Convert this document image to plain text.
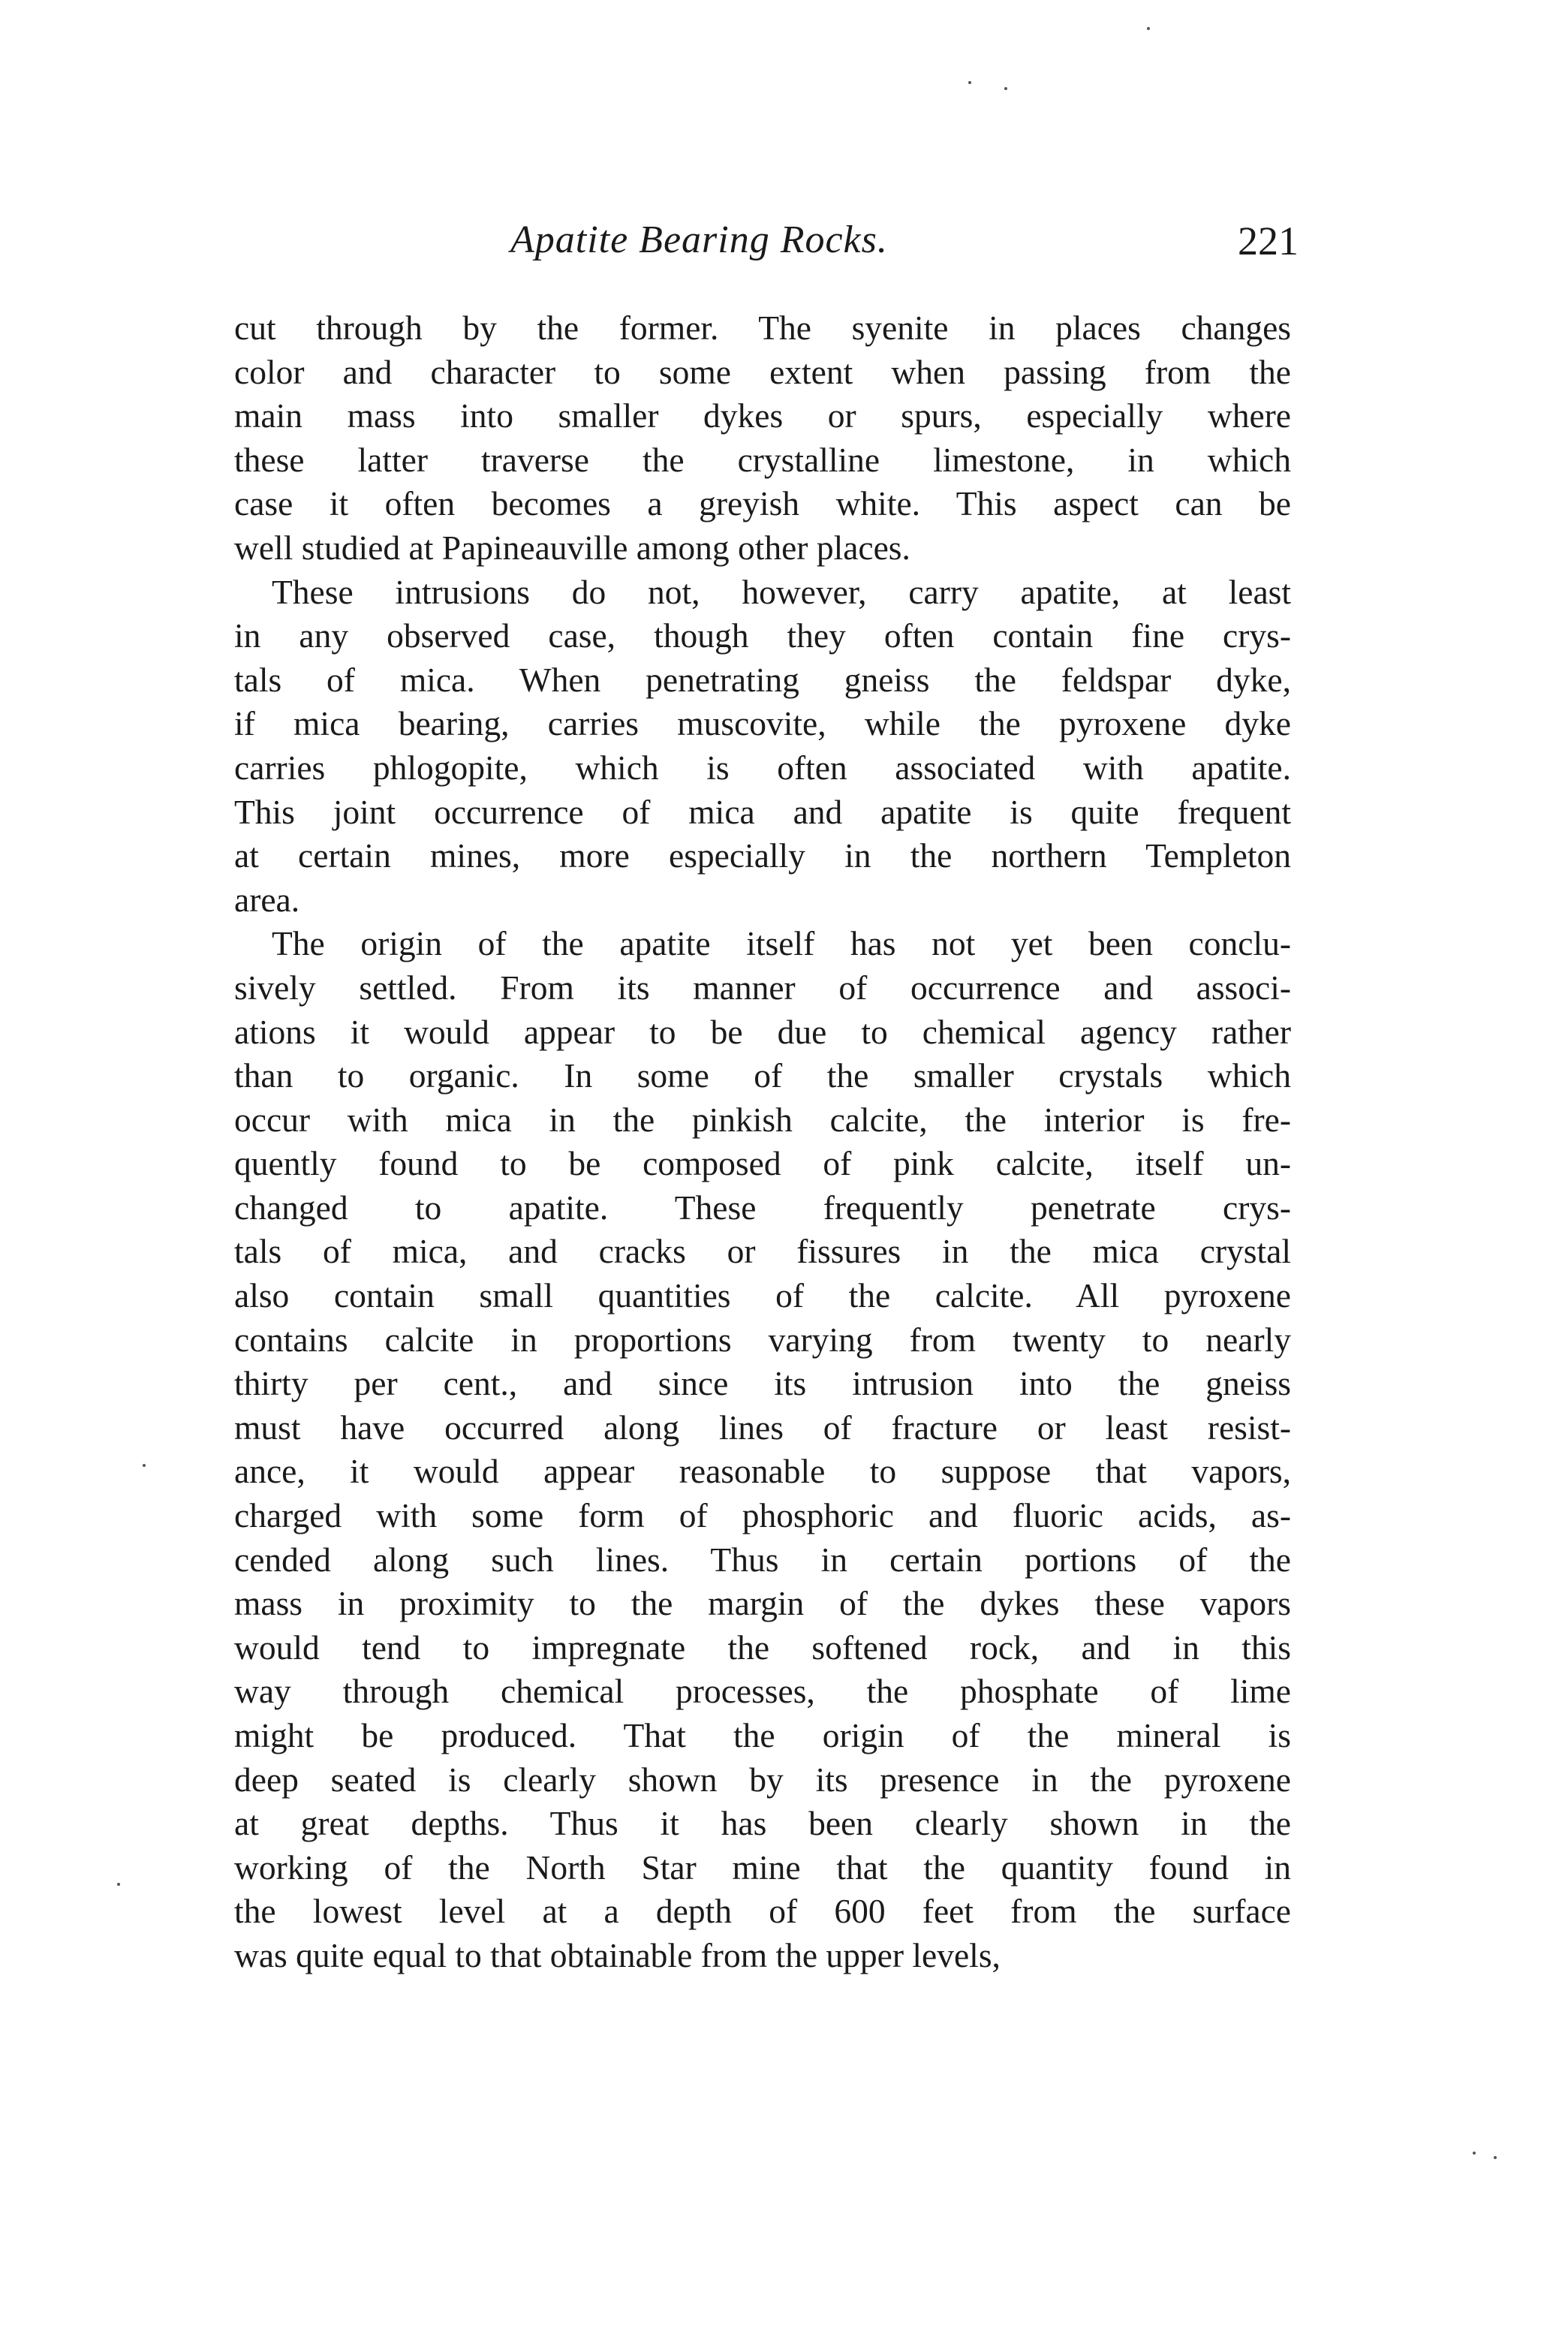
Apatite Bearing Rocks.	221
cut through by the former. The syenite in places changes
color and character to some extent when passing from the
main mass into smaller dykes or spurs, especially where
these latter traverse the crystalline limestone, in which
case it often becomes a greyish white. This aspect can be
well studied at Papineauville among other places.
These intrusions do not, however, carry apatite, at least
in any observed case, though they often contain fine crys-
tals of mica. When penetrating gneiss the feldspar dyke,
if mica bearing, carries muscovite, while the pyroxene dyke
carries phlogopite, which is often associated with apatite.
This joint occurrence of mica and apatite is quite frequent
at certain mines, more especially in the northern Templeton
area.
The origin of the apatite itself has not yet been conclu-
sively settled. From its manner of occurrence and associ-
ations it would appear to be due to chemical agency rather
than to organic. In some of the smaller crystals which
occur with mica in the pinkish calcite, the interior is fre-
quently found to be composed of pink calcite, itself un-
changed to apatite. These frequently penetrate crys-
tals of mica, and cracks or fissures in the mica crystal
also contain small quantities of the calcite. All pyroxene
contains calcite in proportions varying from twenty to nearly
thirty per cent., and since its intrusion into the gneiss
must have occurred along lines of fracture or least resist-
ance, it would appear reasonable to suppose that vapors,
charged with some form of phosphoric and fluoric acids, as-
cended along such lines. Thus in certain portions of the
mass in proximity to the margin of the dykes these vapors
would tend to impregnate the softened rock, and in this
way through chemical processes, the phosphate of lime
might be produced. That the origin of the mineral is
deep seated is clearly shown by its presence in the pyroxene
at great depths. Thus it has been clearly shown in the
working of the North Star mine that the quantity found in
the lowest level at a depth of 600 feet from the surface
was quite equal to that obtainable from the upper levels,
